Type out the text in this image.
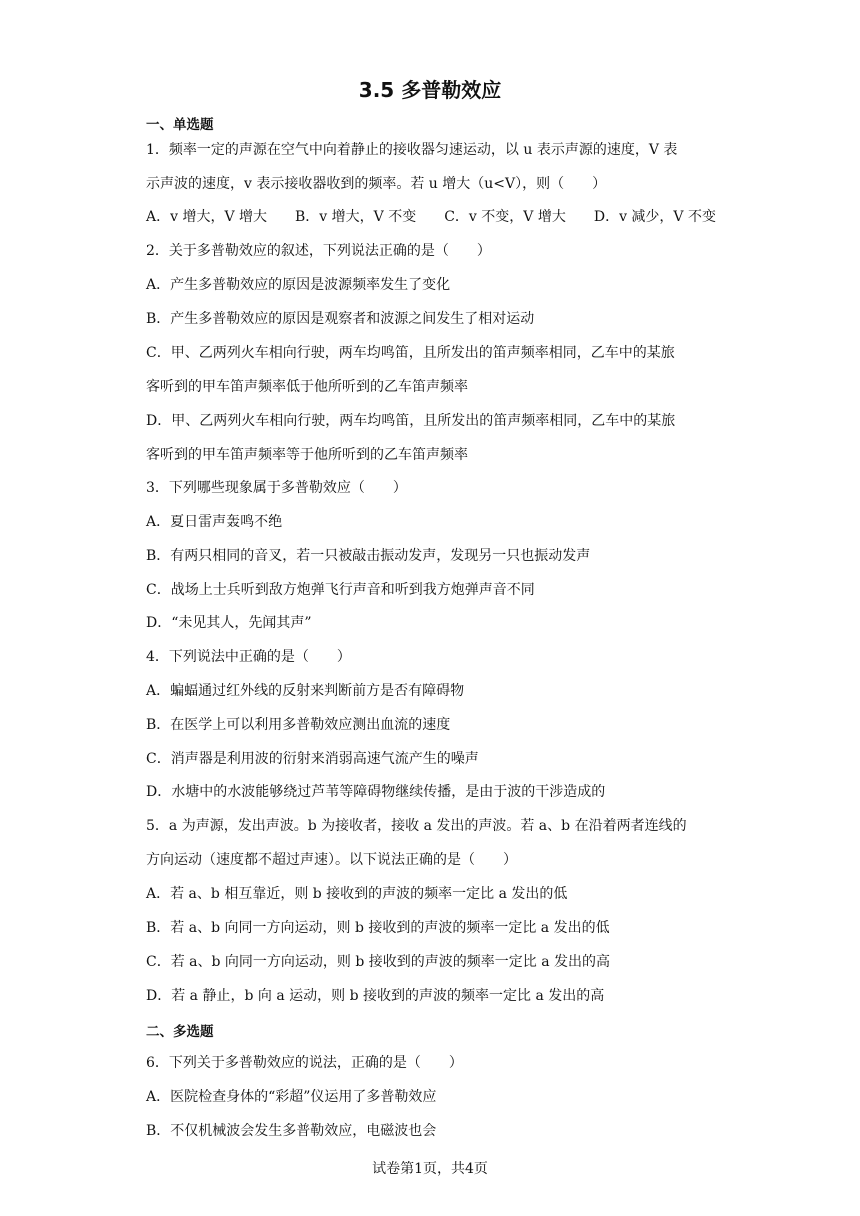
3.5 多普勒效应
一、单选题
1．频率一定的声源在空气中向着静止的接收器匀速运动，以 u 表示声源的速度，V 表
示声波的速度，v 表示接收器收到的频率。若 u 增大（u<V），则（　　）
A．v 增大，V 增大 B．v 增大，V 不变 C．v 不变，V 增大 D．v 减少，V 不变
2．关于多普勒效应的叙述，下列说法正确的是（　　）
A．产生多普勒效应的原因是波源频率发生了变化
B．产生多普勒效应的原因是观察者和波源之间发生了相对运动
C．甲、乙两列火车相向行驶，两车均鸣笛，且所发出的笛声频率相同，乙车中的某旅
客听到的甲车笛声频率低于他所听到的乙车笛声频率
D．甲、乙两列火车相向行驶，两车均鸣笛，且所发出的笛声频率相同，乙车中的某旅
客听到的甲车笛声频率等于他所听到的乙车笛声频率
3．下列哪些现象属于多普勒效应（　　）
A．夏日雷声轰鸣不绝
B．有两只相同的音叉，若一只被敲击振动发声，发现另一只也振动发声
C．战场上士兵听到敌方炮弹飞行声音和听到我方炮弹声音不同
D．“未见其人，先闻其声”
4．下列说法中正确的是（　　）
A．蝙蝠通过红外线的反射来判断前方是否有障碍物
B．在医学上可以利用多普勒效应测出血流的速度
C．消声器是利用波的衍射来消弱高速气流产生的噪声
D．水塘中的水波能够绕过芦苇等障碍物继续传播，是由于波的干涉造成的
5．a 为声源，发出声波。b 为接收者，接收 a 发出的声波。若 a、b 在沿着两者连线的
方向运动（速度都不超过声速）。以下说法正确的是（　　）
A．若 a、b 相互靠近，则 b 接收到的声波的频率一定比 a 发出的低
B．若 a、b 向同一方向运动，则 b 接收到的声波的频率一定比 a 发出的低
C．若 a、b 向同一方向运动，则 b 接收到的声波的频率一定比 a 发出的高
D．若 a 静止，b 向 a 运动，则 b 接收到的声波的频率一定比 a 发出的高
二、多选题
6．下列关于多普勒效应的说法，正确的是（　　）
A．医院检查身体的“彩超”仪运用了多普勒效应
B．不仅机械波会发生多普勒效应，电磁波也会
试卷第1页，共4页
